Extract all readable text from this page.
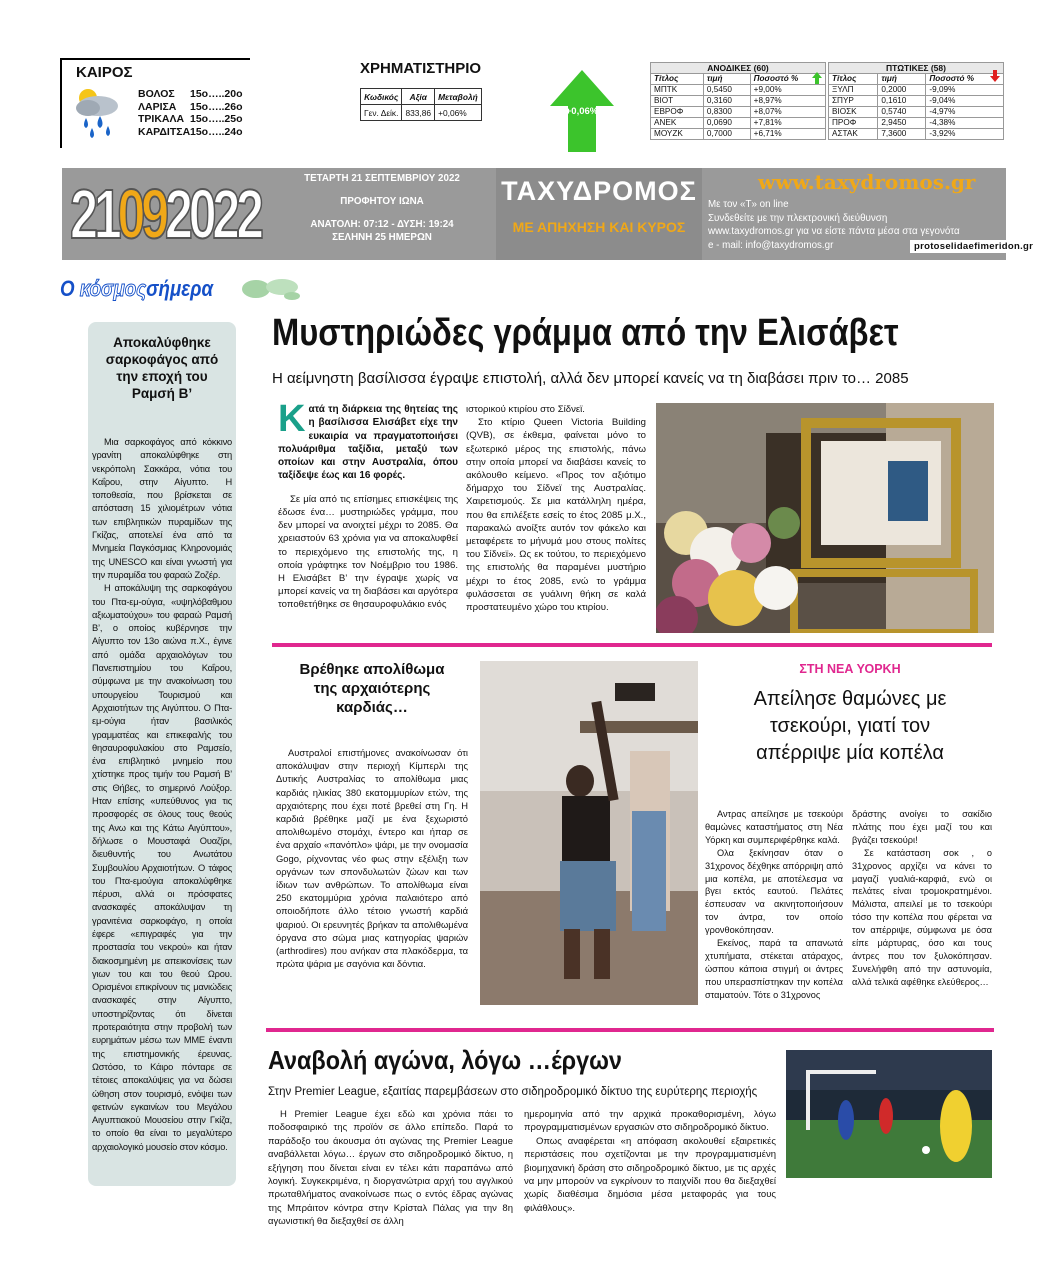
ΚΑΙΡΟΣ
ΒΟΛΟΣ 15ο…..20ο
ΛΑΡΙΣΑ 15ο…..26ο
ΤΡΙΚΑΛΑ 15ο…..25ο
ΚΑΡΔΙΤΣΑ15ο…..24ο
ΧΡΗΜΑΤΙΣΤΗΡΙΟ
Κωδικός	Αξία	Μεταβολή
Γεν. Δείκ.	833,86	+0,06%	+0,06%
ΑΝΟΔΙΚΕΣ (60)
Τίτλος	τιμή	Ποσοστό %
ΜΠΤΚ	0,5450	+9,00%
ΒΙΟΤ	0,3160	+8,97%
ΕΒΡΟΦ	0,8300	+8,07%
ΑΝΕΚ	0,0690	+7,81%
ΜΟΥΖΚ	0,7000	+6,71%
ΠΤΩΤΙΚΕΣ (58)
Τίτλος	τιμή	Ποσοστό %
ΞΥΛΠ	0,2000	-9,09%
ΣΠΥΡ	0,1610	-9,04%
ΒΙΟΣΚ	0,5740	-4,97%
ΠΡΟΦ	2,9450	-4,38%
ΑΣΤΑΚ	7,3600	-3,92%
21092022	ΤΕΤΑΡΤΗ 21 ΣΕΠΤΕΜΒΡΙΟΥ 2022
ΠΡΟΦΗΤΟΥ ΙΩΝΑ
ΑΝΑΤΟΛΗ: 07:12 - ΔΥΣΗ: 19:24
ΣΕΛΗΝΗ 25 ΗΜΕΡΩΝ
ΤΑΧΥΔΡΟΜΟΣ
ΜΕ ΑΠΗΧΗΣΗ ΚΑΙ ΚΥΡΟΣ
www.taxydromos.gr
Με τον «Τ» on line
Συνδεθείτε με την πλεκτρονική διεύθυνση
www.taxydromos.gr για να είστε πάντα μέσα στα γεγονότα
e - mail: info@taxydromos.gr	protoselidaefimeridon.gr
Ο κόσμοςσήμερα
Αποκαλύφθηκε σαρκοφάγος από την εποχή του Ραμσή Β’

Μια σαρκοφάγος από κόκκινο γρανίτη αποκαλύφθηκε στη νεκρόπολη Σακκάρα, νότια του Καΐρου, στην Αίγυπτο. Η τοποθεσία, που βρίσκεται σε απόσταση 15 χιλιομέτρων νότια των επιβλητικών πυραμίδων της Γκίζας, αποτελεί ένα από τα Μνημεία Παγκόσμιας Κληρονομιάς της UNESCO και είναι γνωστή για την πυραμίδα του φαραώ Ζοζέρ.

Η αποκάλυψη της σαρκοφάγου του Πτα-εμ-ούγια, «υψηλόβαθμου αξιωματούχου» του φαραώ Ραμσή Β’, ο οποίος κυβέρνησε την Αίγυπτο τον 13ο αιώνα π.Χ., έγινε από ομάδα αρχαιολόγων του Πανεπιστημίου του Καΐρου, σύμφωνα με την ανακοίνωση του υπουργείου Τουρισμού και Αρχαιοτήτων της Αιγύπτου. Ο Πτα-εμ-ούγια ήταν βασιλικός γραμματέας και επικεφαλής του θησαυροφυλακίου στο Ραμσείο, ένα επιβλητικό μνημείο που χτίστηκε προς τιμήν του Ραμσή Β’ στις Θήβες, το σημερινό Λούξορ. Ηταν επίσης «υπεύθυνος για τις προσφορές σε όλους τους θεούς της Ανω και της Κάτω Αιγύπτου», δήλωσε ο Μουσταφά Ουαζίρι, διευθυντής του Ανωτάτου Συμβουλίου Αρχαιοτήτων. Ο τάφος του Πτα-εμούγια αποκαλύφθηκε πέρυσι, αλλά οι πρόσφατες ανασκαφές αποκάλυψαν τη γρανιτένια σαρκοφάγο, η οποία έφερε «επιγραφές για την προστασία του νεκρού» και ήταν διακοσμημένη με απεικονίσεις των γιων του και του θεού Ωρου. Ορισμένοι επικρίνουν τις μανιώδεις ανασκαφές στην Αίγυπτο, υποστηρίζοντας ότι δίνεται προτεραιότητα στην προβολή των ευρημάτων μέσω των ΜΜΕ έναντι της επιστημονικής έρευνας. Ωστόσο, το Κάιρο πόνταρε σε τέτοιες αποκαλύψεις για να δώσει ώθηση στον τουρισμό, ενόψει των φετινών εγκαινίων του Μεγάλου Αιγυπτιακού Μουσείου στην Γκίζα, το οποίο θα είναι το μεγαλύτερο αρχαιολογικό μουσείο στον κόσμο.

Μυστηριώδες γράμμα από την Ελισάβετ
Η αείμνηστη βασίλισσα έγραψε επιστολή, αλλά δεν μπορεί κανείς να τη διαβάσει πριν το… 2085

Κατά τη διάρκεια της θητείας της η βασίλισσα Ελισάβετ είχε την ευκαιρία να πραγματοποιήσει πολυάριθμα ταξίδια, μεταξύ των οποίων και στην Αυστραλία, όπου ταξίδεψε έως και 16 φορές.

Σε μία από τις επίσημες επισκέψεις της έδωσε ένα… μυστηριώδες γράμμα, που δεν μπορεί να ανοιχτεί μέχρι το 2085. Θα χρειαστούν 63 χρόνια για να αποκαλυφθεί το περιεχόμενο της επιστολής της, η οποία γράφτηκε τον Νοέμβριο του 1986. Η Ελισάβετ Β’ την έγραψε χωρίς να μπορεί κανείς να τη διαβάσει και αργότερα τοποθετήθηκε σε θησαυροφυλάκιο ενός

ιστορικού κτιρίου στο Σίδνεϊ.

Στο κτίριο Queen Victoria Building (QVB), σε έκθεμα, φαίνεται μόνο το εξωτερικό μέρος της επιστολής, πάνω στην οποία μπορεί να διαβάσει κανείς το ακόλουθο κείμενο. «Προς τον αξιότιμο δήμαρχο του Σίδνεϊ της Αυστραλίας. Χαιρετισμούς. Σε μια κατάλληλη ημέρα, που θα επιλέξετε εσείς το έτος 2085 μ.Χ., παρακαλώ ανοίξτε αυτόν τον φάκελο και μεταφέρετε το μήνυμά μου στους πολίτες του Σίδνεϊ». Ως εκ τούτου, το περιεχόμενο της επιστολής θα παραμένει μυστήριο μέχρι το έτος 2085, ενώ το γράμμα φυλάσσεται σε γυάλινη θήκη σε καλά προστατευμένο χώρο του κτιρίου.

Βρέθηκε απολίθωμα της αρχαιότερης καρδιάς…

Αυστραλοί επιστήμονες ανακοίνωσαν ότι αποκάλυψαν στην περιοχή Κίμπερλι της Δυτικής Αυστραλίας το απολίθωμα μιας καρδιάς ηλικίας 380 εκατομμυρίων ετών, της αρχαιότερης που έχει ποτέ βρεθεί στη Γη. Η καρδιά βρέθηκε μαζί με ένα ξεχωριστό απολιθωμένο στομάχι, έντερο και ήπαρ σε ένα αρχαίο «πανόπλο» ψάρι, με την ονομασία Gogo, ρίχνοντας νέο φως στην εξέλιξη των οργάνων των σπονδυλωτών ζώων και των ίδιων των ανθρώπων. Το απολίθωμα είναι 250 εκατομμύρια χρόνια παλαιότερο από οποιοδήποτε άλλο τέτοιο γνωστή καρδιά ψαριού. Οι ερευνητές βρήκαν τα απολιθωμένα όργανα στο σώμα μιας κατηγορίας ψαριών (arthrodires) που ανήκαν στα πλακόδερμα, τα πρώτα ψάρια με σαγόνια και δόντια.

ΣΤΗ ΝΕΑ ΥΟΡΚΗ
Απείλησε θαμώνες με τσεκούρι, γιατί τον απέρριψε μία κοπέλα

Αντρας απείλησε με τσεκούρι θαμώνες καταστήματος στη Νέα Υόρκη και συμπεριφέρθηκε καλά.

Ολα ξεκίνησαν όταν ο 31χρονος δέχθηκε απόρριψη από μια κοπέλα, με αποτέλεσμα να βγει εκτός εαυτού. Πελάτες έσπευσαν να ακινητοποιήσουν τον άντρα, τον οποίο γρονθοκόπησαν.

Εκείνος, παρά τα απανωτά χτυπήματα, στέκεται ατάραχος, ώσπου κάποια στιγμή οι άντρες που υπερασπίστηκαν την κοπέλα σταματούν. Τότε ο 31χρονος

δράστης ανοίγει το σακίδιο πλάτης που έχει μαζί του και βγάζει τσεκούρι!

Σε κατάσταση σοκ , ο 31χρονος αρχίζει να κάνει το μαγαζί γυαλιά-καρφιά, ενώ οι πελάτες είναι τρομοκρατημένοι. Μάλιστα, απειλεί με το τσεκούρι τόσο την κοπέλα που φέρεται να τον απέρριψε, σύμφωνα με όσα είπε μάρτυρας, όσο και τους άντρες που τον ξυλοκόπησαν. Συνελήφθη από την αστυνομία, αλλά τελικά αφέθηκε ελεύθερος…

Αναβολή αγώνα, λόγω …έργων
Στην Premier League, εξαιτίας παρεμβάσεων στο σιδηροδρομικό δίκτυο της ευρύτερης περιοχής

Η Premier League έχει εδώ και χρόνια πάει το ποδοσφαιρικό της προϊόν σε άλλο επίπεδο. Παρά το παράδοξο του άκουσμα ότι αγώνας της Premier League αναβάλλεται λόγω… έργων στο σιδηροδρομικό δίκτυο, η εξήγηση που δίνεται είναι εν τέλει κάτι παραπάνω από λογική. Συγκεκριμένα, η διοργανώτρια αρχή του αγγλικού πρωταθλήματος ανακοίνωσε πως ο εντός έδρας αγώνας της Μπράιτον κόντρα στην Κρίσταλ Πάλας για την 8η αγωνιστική θα διεξαχθεί σε άλλη

ημερομηνία από την αρχικά προκαθορισμένη, λόγω προγραμματισμένων εργασιών στο σιδηροδρομικό δίκτυο.

Οπως αναφέρεται «η απόφαση ακολουθεί εξαιρετικές περιστάσεις που σχετίζονται με την προγραμματισμένη βιομηχανική δράση στο σιδηροδρομικό δίκτυο, με τις αρχές να μην μπορούν να εγκρίνουν το παιχνίδι που θα διεξαχθεί χωρίς διαθέσιμα δημόσια μέσα μεταφοράς για τους φιλάθλους».
